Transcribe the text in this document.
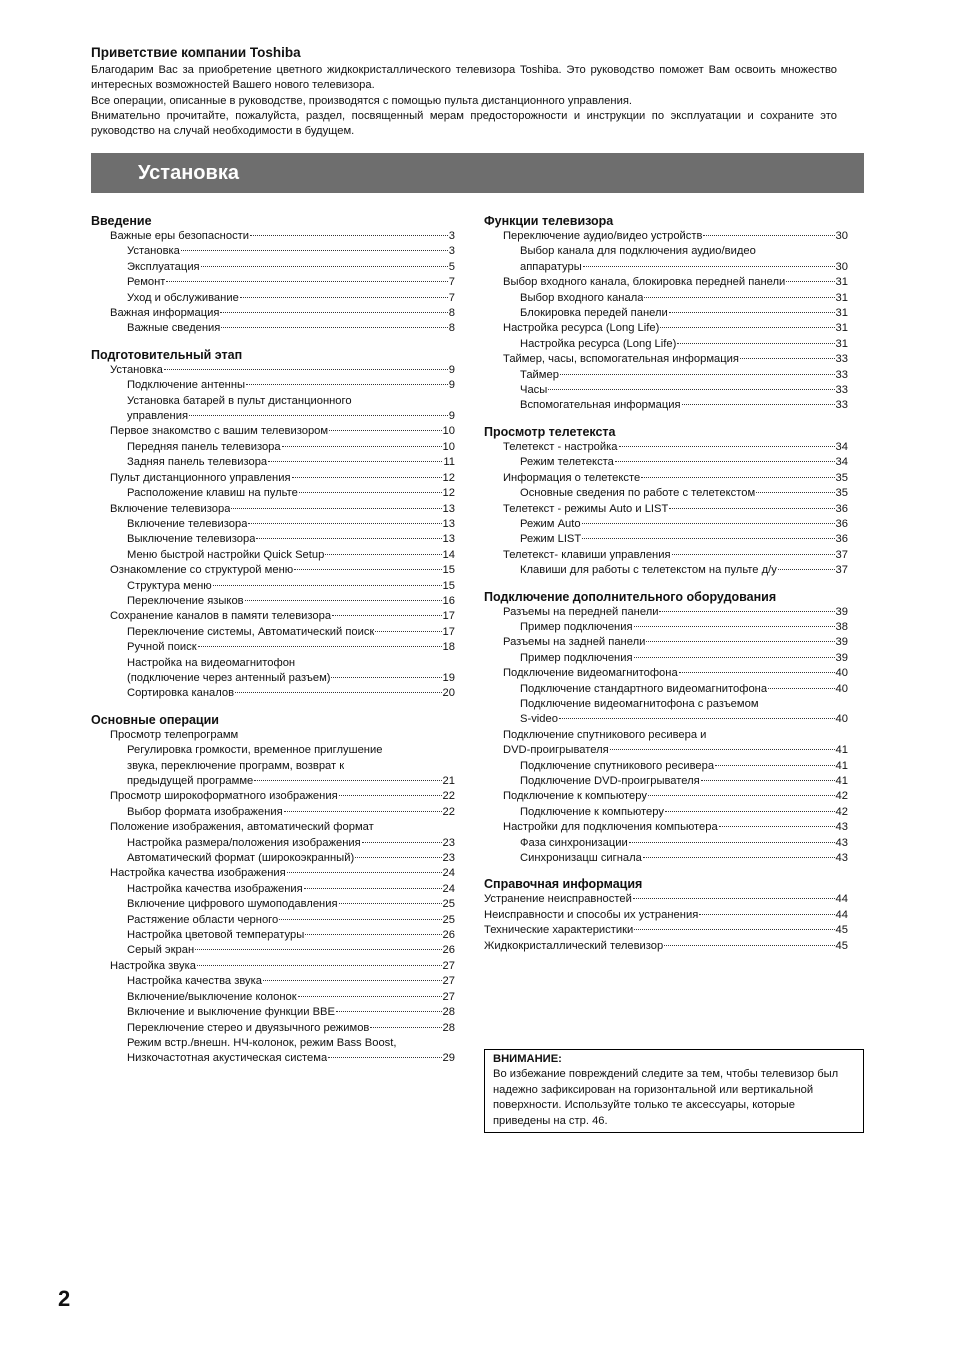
Приветствие компании Toshiba

Благодарим Вас за приобретение цветного жидкокристаллического телевизора Toshiba. Это руководство поможет Вам освоить множество интересных возможностей Вашего нового телевизора.

Все операции, описанные в руководстве, производятся с помощью пульта дистанционного управления.

Внимательно прочитайте, пожалуйста, раздел, посвященный мерам предосторожности и инструкции по эксплуатации и сохраните это руководство на случай необходимости в будущем.

Установка

Введение

Важные еры безопасности	3
Установка	3
Эксплуатация	5
Ремонт	7
Уход и обслуживание	7
Важная информация	8
Важные сведения	8

Подготовительный этап

Установка	9
Подключение антенны	9
Установка батарей в пульт дистанционного
управления	9
Первое знакомство с вашим телевизором	10
Передняя панель телевизора	10
Задняя панель телевизора	11
Пульт дистанционного управления	12
Расположение клавиш на пульте	12
Включение телевизора	13
Включение телевизора	13
Выключение телевизора	13
Меню быстрой настройки Quick Setup	14
Ознакомление со структурой меню	15
Структура меню	15
Переключение языков	16
Сохранение каналов в памяти телевизора	17
Переключение системы, Автоматический поиск	17
Ручной поиск	18
Настройка на видеомагнитофон
(подключение через антенный разъем)	19
Сортировка каналов	20

Основные операции

Просмотр телепрограмм
Регулировка громкости, временное приглушение
звука, переключение программ, возврат к
предыдущей программе	21
Просмотр широкоформатного изображения	22
Выбор формата изображения	22
Положение изображения, автоматический формат
Настройка размера/положения изображения	23
Автоматический формат (широкоэкранный)	23
Настройка качества изображения	24
Настройка качества изображения	24
Включение цифрового шумоподавления	25
Растяжение области черного	25
Настройка цветовой температуры	26
Серый экран	26
Настройка звука	27
Настройка качества звука	27
Включение/выключение колонок	27
Включение и выключение функции BBE	28
Переключение стерео и двуязычного режимов	28
Режим встр./внешн. НЧ-колонок, режим Bass Boost,
Низкочастотная акустическая система	29

Функции телевизора

Переключение аудио/видео устройств	30
Выбор канала для подключения аудио/видео
аппаратуры	30
Выбор входного канала, блокировка передней панели	31
Выбор входного канала	31
Блокировка передей панели	31
Настройка ресурса (Long Life)	31
Настройка ресурса (Long Life)	31
Таймер, часы, вспомогательная информация	33
Таймер	33
Часы	33
Вспомогательная информация	33

Просмотр телетекста

Телетекст - настройка	34
Режим телетекста	34
Информация о телетексте	35
Основные сведения по работе с телетекстом	35
Телетекст - режимы Auto и LIST	36
Режим Auto	36
Режим LIST	36
Телетекст- клавиши управления	37
Клавиши для работы с телетекстом на пульте д/у	37

Подключение дополнительного оборудования

Разъемы на передней панели	39
Пример подключения	38
Разъемы на задней панели	39
Пример подключения	39
Подключение видеомагнитофона	40
Подключение стандартного видеомагнитофона	40
Подключение видеомагнитофона с разъемом
S-video	40
Подключение спутникового ресивера и
DVD-проигрывателя	41
Подключение спутникового ресивера	41
Подключение DVD-проигрывателя	41
Подключение к компьютеру	42
Подключение к компьютеру	42
Настройки для подключения компьютера	43
Фаза синхронизации	43
Синхронизацш сигнала	43

Справочная информация

Устранение неисправностей	44
Неисправности и способы их устранения	44
Технические характеристики	45
Жидкокристаллический телевизор	45

ВНИМАНИЕ:

Во избежание повреждений следите за тем, чтобы телевизор был надежно зафиксирован на горизонтальной или вертикальной поверхности. Используйте только те аксессуары, которые приведены на стр. 46.

2
